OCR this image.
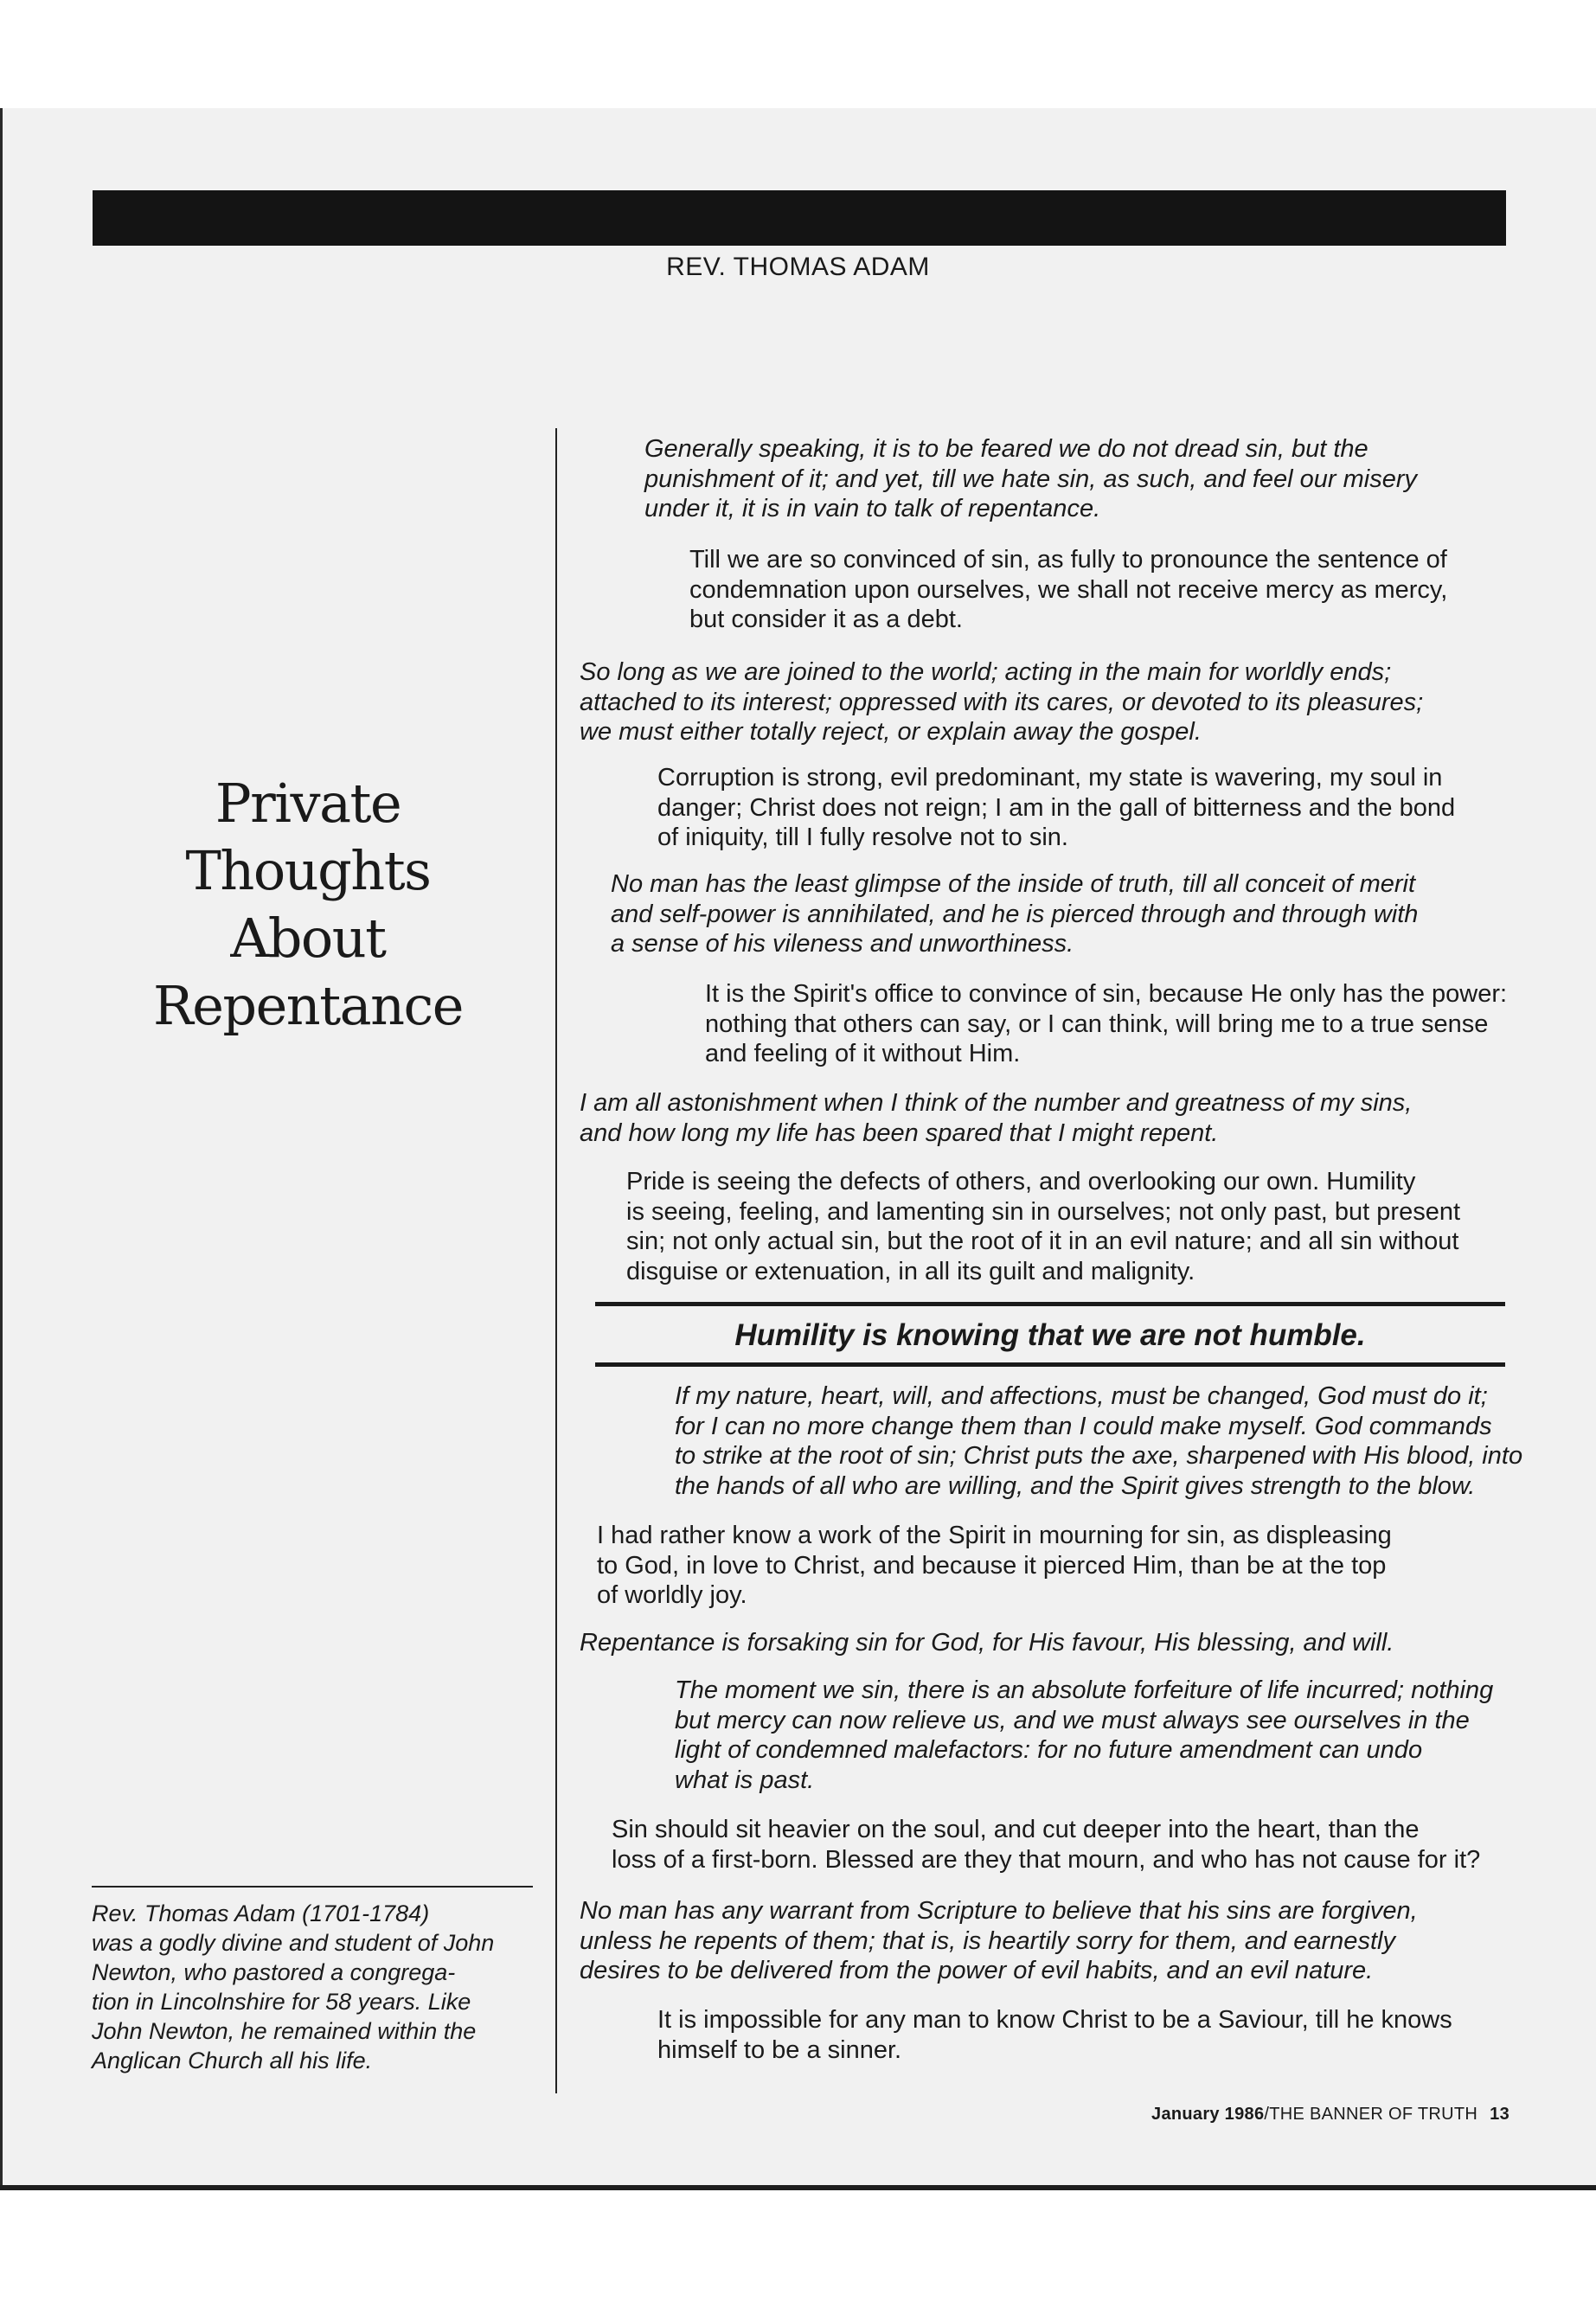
REV. THOMAS ADAM
Private Thoughts
About
Repentance
Rev. Thomas Adam (1701-1784)
was a godly divine and student of John
Newton, who pastored a congrega-
tion in Lincolnshire for 58 years. Like
John Newton, he remained within the
Anglican Church all his life.
Generally speaking, it is to be feared we do not dread sin, but the
punishment of it; and yet, till we hate sin, as such, and feel our misery
under it, it is in vain to talk of repentance.
Till we are so convinced of sin, as fully to pronounce the sentence of
condemnation upon ourselves, we shall not receive mercy as mercy,
but consider it as a debt.
So long as we are joined to the world; acting in the main for worldly ends;
attached to its interest; oppressed with its cares, or devoted to its pleasures;
we must either totally reject, or explain away the gospel.
Corruption is strong, evil predominant, my state is wavering, my soul in
danger; Christ does not reign; I am in the gall of bitterness and the bond
of iniquity, till I fully resolve not to sin.
No man has the least glimpse of the inside of truth, till all conceit of merit
and self-power is annihilated, and he is pierced through and through with
a sense of his vileness and unworthiness.
It is the Spirit's office to convince of sin, because He only has the power:
nothing that others can say, or I can think, will bring me to a true sense
and feeling of it without Him.
I am all astonishment when I think of the number and greatness of my sins,
and how long my life has been spared that I might repent.
Pride is seeing the defects of others, and overlooking our own. Humility
is seeing, feeling, and lamenting sin in ourselves; not only past, but present
sin; not only actual sin, but the root of it in an evil nature; and all sin without
disguise or extenuation, in all its guilt and malignity.
Humility is knowing that we are not humble.
If my nature, heart, will, and affections, must be changed, God must do it;
for I can no more change them than I could make myself. God commands
to strike at the root of sin; Christ puts the axe, sharpened with His blood, into
the hands of all who are willing, and the Spirit gives strength to the blow.
I had rather know a work of the Spirit in mourning for sin, as displeasing
to God, in love to Christ, and because it pierced Him, than be at the top
of worldly joy.
Repentance is forsaking sin for God, for His favour, His blessing, and will.
The moment we sin, there is an absolute forfeiture of life incurred; nothing
but mercy can now relieve us, and we must always see ourselves in the
light of condemned malefactors: for no future amendment can undo
what is past.
Sin should sit heavier on the soul, and cut deeper into the heart, than the
loss of a first-born. Blessed are they that mourn, and who has not cause for it?
No man has any warrant from Scripture to believe that his sins are forgiven,
unless he repents of them; that is, is heartily sorry for them, and earnestly
desires to be delivered from the power of evil habits, and an evil nature.
It is impossible for any man to know Christ to be a Saviour, till he knows
himself to be a sinner.
January 1986/THE BANNER OF TRUTH 13
